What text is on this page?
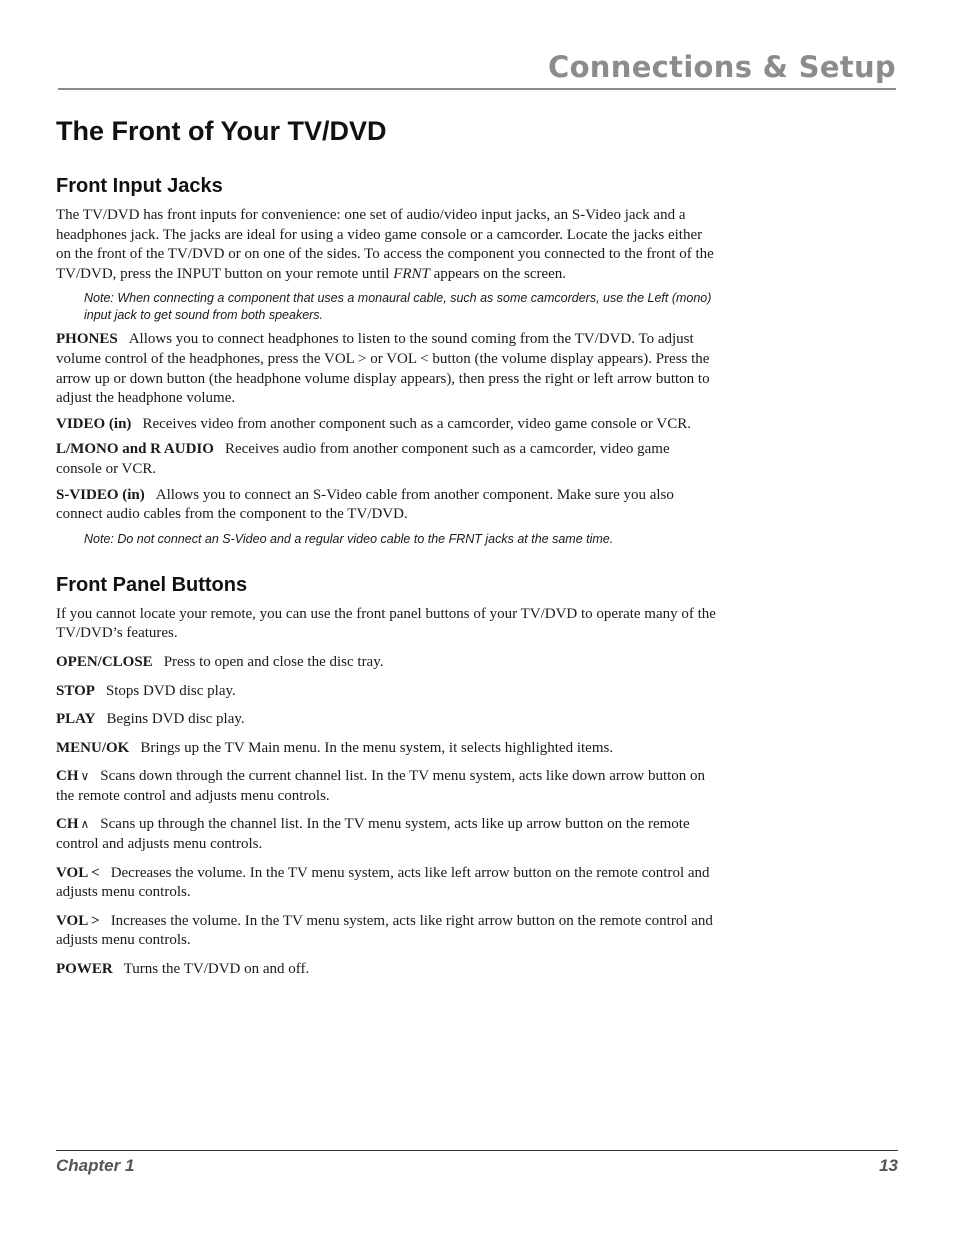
Connections & Setup
The Front of Your TV/DVD
Front Input Jacks

The TV/DVD has front inputs for convenience: one set of audio/video input jacks, an S-Video jack and a headphones jack. The jacks are ideal for using a video game console or a camcorder. Locate the jacks either on the front of the TV/DVD or on one of the sides. To access the component you connected to the front of the TV/DVD, press the INPUT button on your remote until FRNT appears on the screen.

Note: When connecting a component that uses a monaural cable, such as some camcorders, use the Left (mono) input jack to get sound from both speakers.

PHONES Allows you to connect headphones to listen to the sound coming from the TV/DVD. To adjust volume control of the headphones, press the VOL > or VOL < button (the volume display appears). Press the arrow up or down button (the headphone volume display appears), then press the right or left arrow button to adjust the headphone volume.

VIDEO (in) Receives video from another component such as a camcorder, video game console or VCR.

L/MONO and R AUDIO Receives audio from another component such as a camcorder, video game console or VCR.

S-VIDEO (in) Allows you to connect an S-Video cable from another component. Make sure you also connect audio cables from the component to the TV/DVD.

Note: Do not connect an S-Video and a regular video cable to the FRNT jacks at the same time.

Front Panel Buttons

If you cannot locate your remote, you can use the front panel buttons of your TV/DVD to operate many of the TV/DVD’s features.

OPEN/CLOSE Press to open and close the disc tray.

STOP Stops DVD disc play.

PLAY Begins DVD disc play.

MENU/OK Brings up the TV Main menu. In the menu system, it selects highlighted items.

CH ∨ Scans down through the current channel list. In the TV menu system, acts like down arrow button on the remote control and adjusts menu controls.

CH ∧ Scans up through the channel list. In the TV menu system, acts like up arrow button on the remote control and adjusts menu controls.

VOL < Decreases the volume. In the TV menu system, acts like left arrow button on the remote control and adjusts menu controls.

VOL > Increases the volume. In the TV menu system, acts like right arrow button on the remote control and adjusts menu controls.

POWER Turns the TV/DVD on and off.

Chapter 1	13
